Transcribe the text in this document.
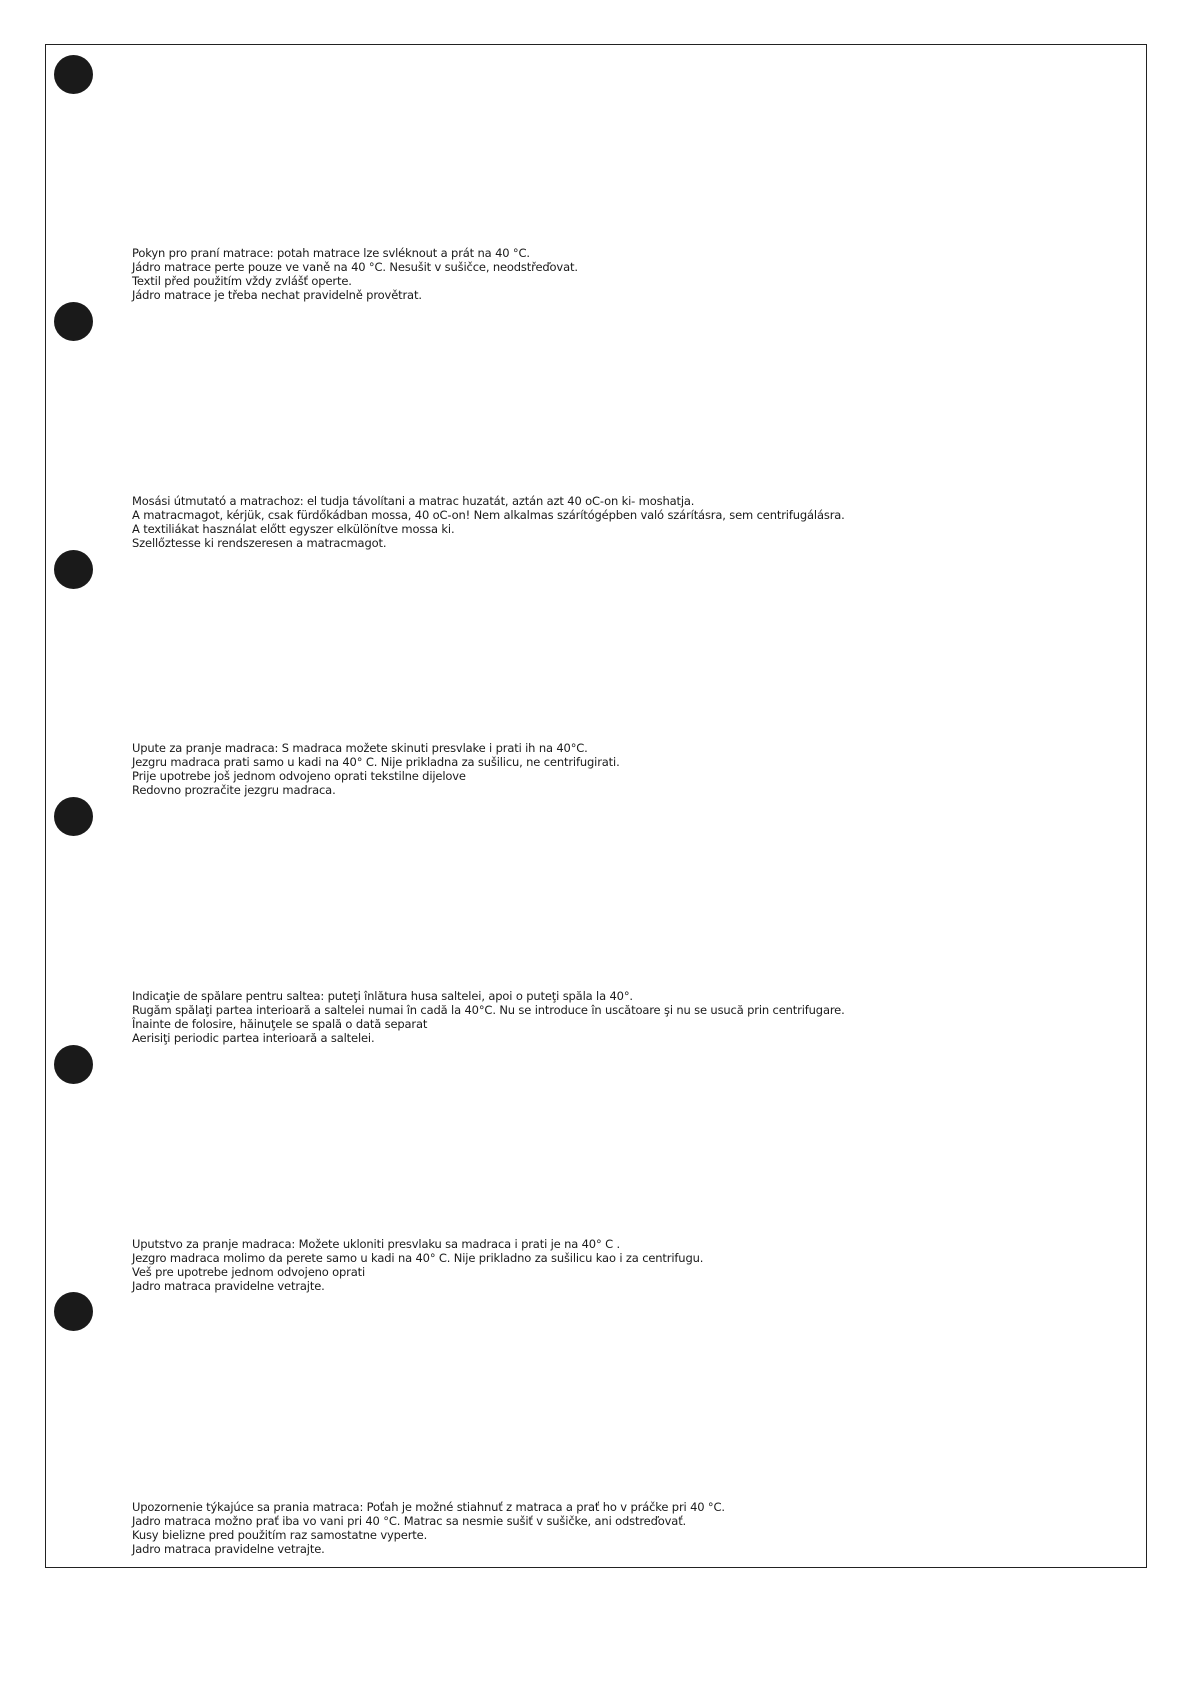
Pokyn pro praní matrace: potah matrace lze svléknout a prát na 40 °C.
Jádro matrace perte pouze ve vaně na 40 °C. Nesušit v sušičce, neodstřeďovat.
Textil před použitím vždy zvlášť operte.
Jádro matrace je třeba nechat pravidelně provětrat.
Mosási útmutató a matrachoz: el tudja távolítani a matrac huzatát, aztán azt 40 oC-on ki- moshatja.
A matracmagot, kérjük, csak fürdőkádban mossa, 40 oC-on! Nem alkalmas szárítógépben való szárításra, sem centrifugálásra.
A textiliákat használat előtt egyszer elkülönítve mossa ki.
Szellőztesse ki rendszeresen a matracmagot.
Upute za pranje madraca: S madraca možete skinuti presvlake i prati ih na 40°C.
Jezgru madraca prati samo u kadi na 40° C. Nije prikladna za sušilicu, ne centrifugirati.
Prije upotrebe još jednom odvojeno oprati tekstilne dijelove
Redovno prozračite jezgru madraca.
Indicaţie de spălare pentru saltea: puteţi înlătura husa saltelei, apoi o puteţi spăla la 40°.
Rugăm spălaţi partea interioară a saltelei numai în cadă la 40°C. Nu se introduce în uscătoare şi nu se usucă prin centrifugare.
Înainte de folosire, hăinuţele se spală o dată separat
Aerisiţi periodic partea interioară a saltelei.
Uputstvo za pranje madraca: Možete ukloniti presvlaku sa madraca i prati je na 40° C .
Jezgro madraca molimo da perete samo u kadi na 40° C. Nije prikladno za sušilicu kao i za centrifugu.
Veš pre upotrebe jednom odvojeno oprati
Jadro matraca pravidelne vetrajte.
Upozornenie týkajúce sa prania matraca: Poťah je možné stiahnuť z matraca a prať ho v práčke pri 40 °C.
Jadro matraca možno prať iba vo vani pri 40 °C. Matrac sa nesmie sušiť v sušičke, ani odstreďovať.
Kusy bielizne pred použitím raz samostatne vyperte.
Jadro matraca pravidelne vetrajte.
